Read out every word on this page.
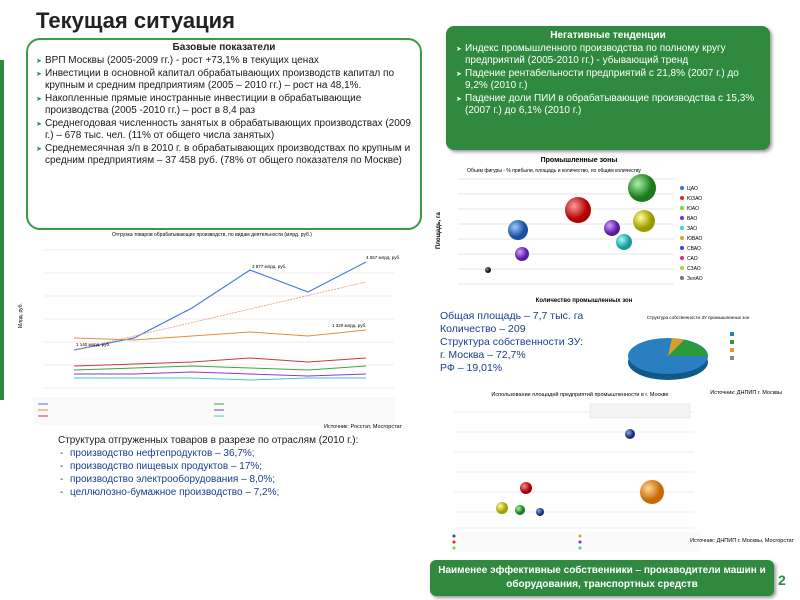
Текущая ситуация
Базовые показатели
➤ ВРП Москвы (2005-2009 гг.) - рост +73,1% в текущих ценах
➤ Инвестиции в основной капитал обрабатывающих производств капитал по крупным и средним предприятиям (2005 – 2010 гг.) – рост на 48,1%.
➤ Накопленные прямые иностранные инвестиции в обрабатывающие производства (2005 -2010 гг.) – рост в 8,4 раз
➤ Среднегодовая численность занятых в обрабатывающих производствах (2009 г.) – 678 тыс. чел. (11% от общего числа занятых)
➤ Среднемесячная з/п в 2010 г. в обрабатывающих производствах по крупным и средним предприятиям – 37 458 руб. (78% от общего показателя по Москве)
Негативные тенденции
➤ Индекс промышленного производства по полному кругу предприятий (2005-2010 гг.) - убывающий тренд
➤ Падение рентабельности предприятий с 21,8% (2007 г.) до 9,2% (2010 г.)
➤ Падение доли ПИИ в обрабатывающие производства с 15,3% (2007 г.) до 6,1% (2010 г.)
Промышленные зоны
Объем фигуры - % прибыли, площадь и количество, по общим количеству
Площадь, га
Количество промышленных зон
ЦАО
ЮЗАО
ЮАО
ВАО
ЗАО
ЮВАО
СВАО
САО
СЗАО
ЗелАО
Общая площадь – 7,7 тыс. га
Количество – 209
Структура собственности ЗУ:
г. Москва – 72,7%
РФ – 19,01%
Структура собственности ЗУ промышленных зон
Источник: ДНПИП г. Москвы
Отгрузка товаров обрабатывающих производств, по видам деятельности (млрд. руб.)
Млрд. руб.
4 557 млрд. руб.
3 877 млрд. руб.
1 140 млрд. руб.
1 320 млрд. руб.
Источник: Росстат, Мосгорстат
Структура отгруженных товаров в разрезе по отраслям (2010 г.):
- производство нефтепродуктов – 36,7%;
- производство пищевых продуктов – 17%;
- производство электрооборудования – 8,0%;
- целлюлозно-бумажное производство – 7,2%;
Использование площадей предприятий промышленности в г. Москве
Источник: ДНПИП г. Москвы, Мосгорстат
Наименее эффективные собственники – производители машин и оборудования, транспортных средств	2
